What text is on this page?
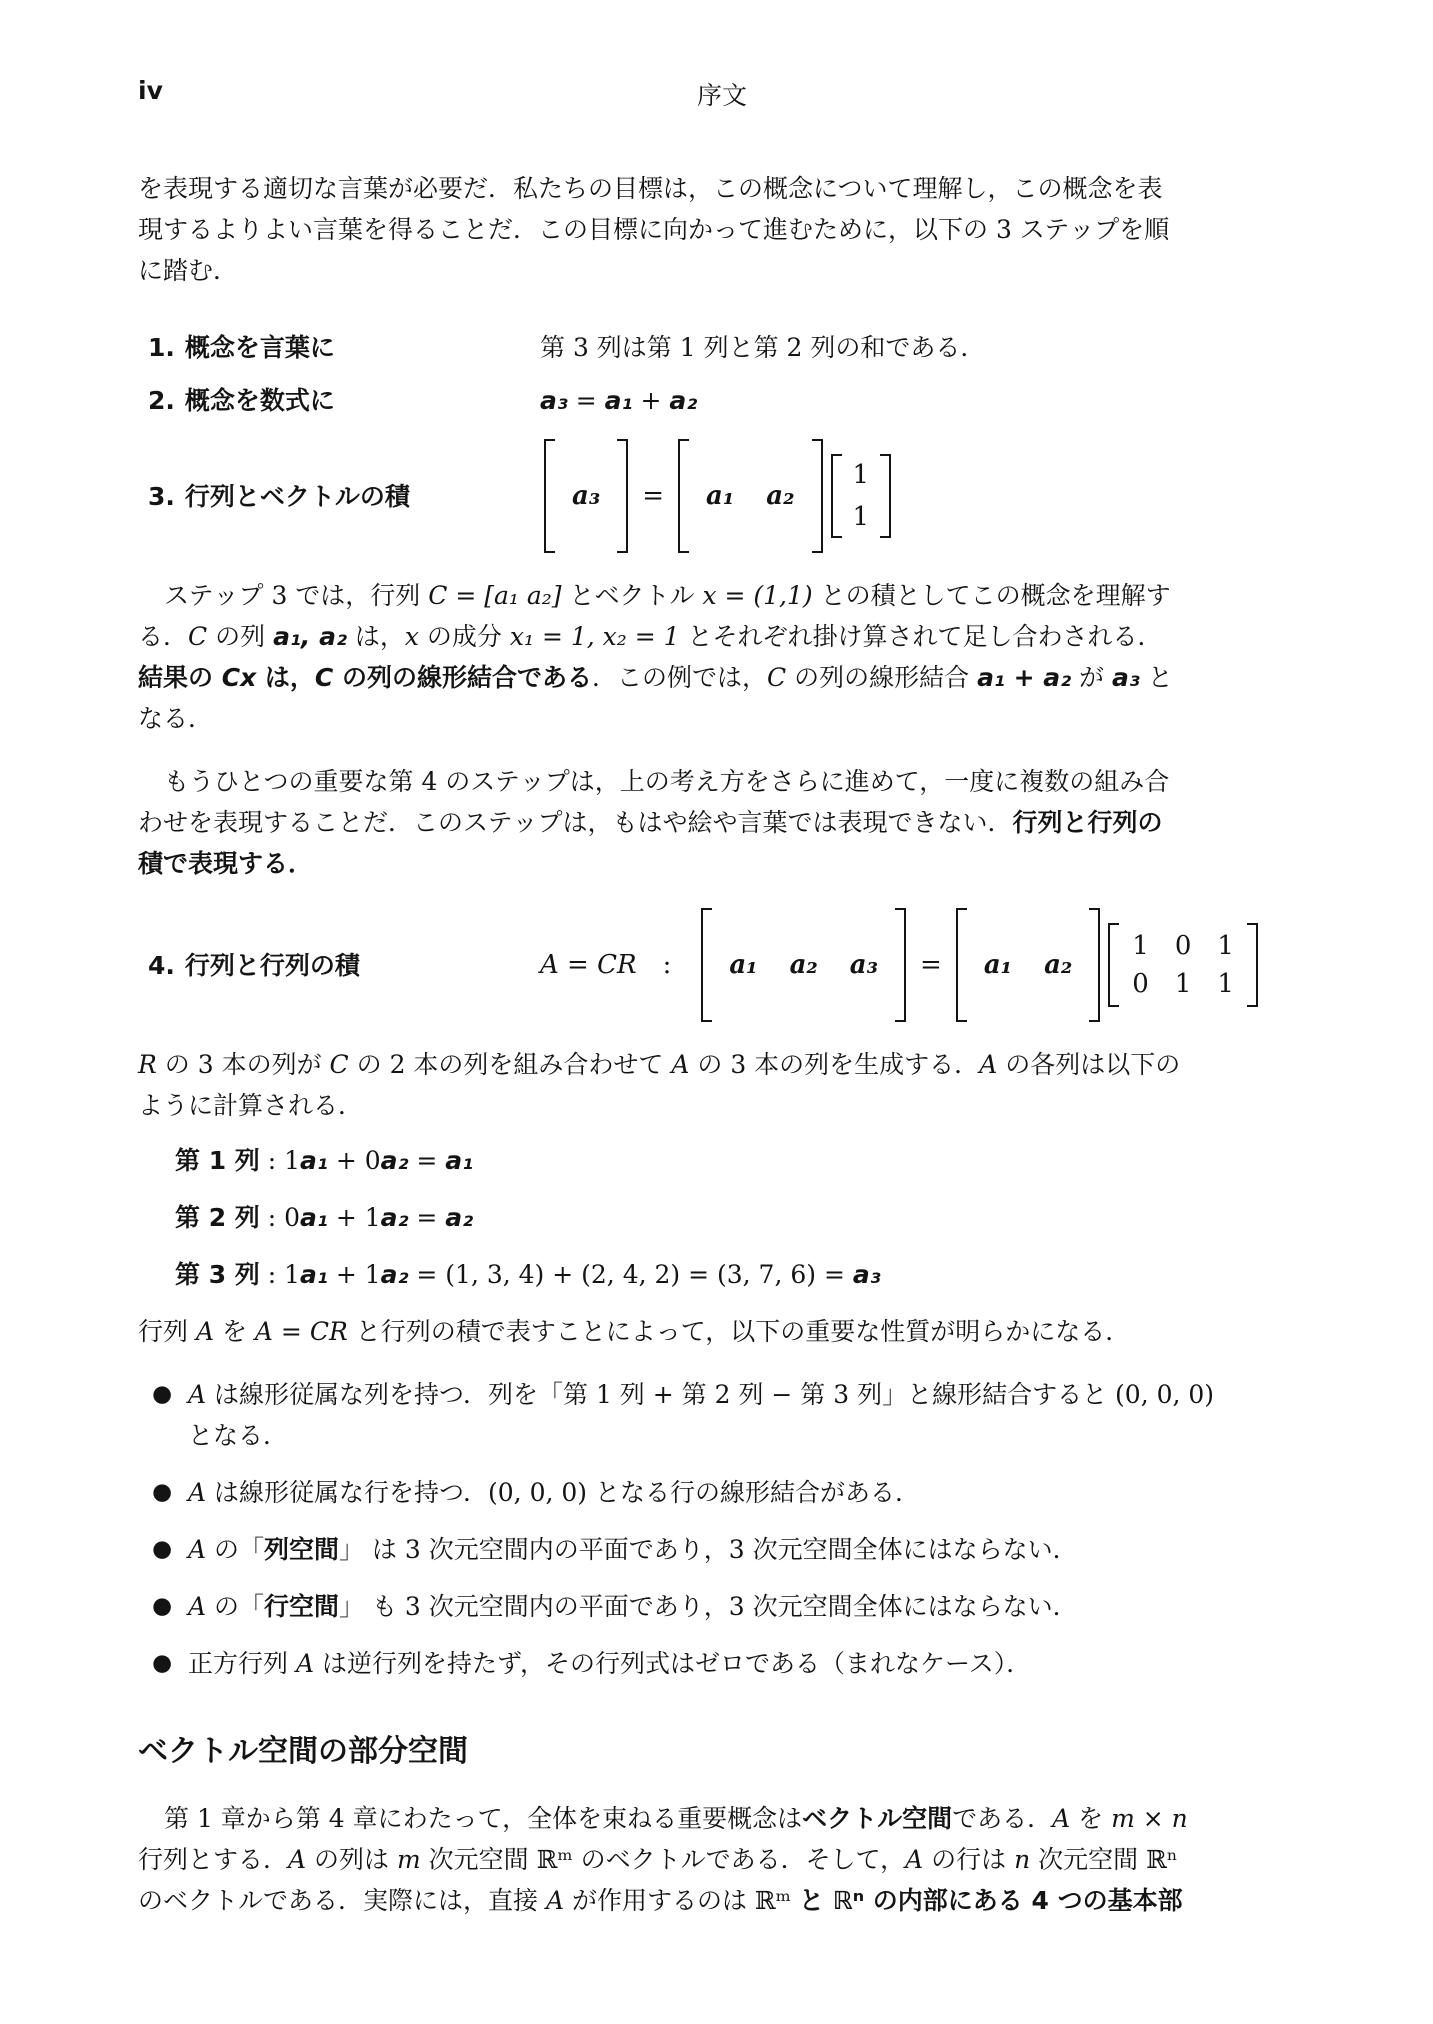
iv	序文
を表現する適切な言葉が必要だ．私たちの目標は，この概念について理解し，この概念を表
現するよりよい言葉を得ることだ．この目標に向かって進むために，以下の 3 ステップを順
に踏む．
1. 概念を言葉に	第 3 列は第 1 列と第 2 列の和である．
2. 概念を数式に	a₃ = a₁ + a₂
3. 行列とベクトルの積	a₃ = a₁ a₂
1
1
ステップ 3 では，行列 C = [a₁ a₂] とベクトル x = (1,1) との積としてこの概念を理解す
る．C の列 a₁, a₂ は，x の成分 x₁ = 1, x₂ = 1 とそれぞれ掛け算されて足し合わされる．
結果の Cx は，C の列の線形結合である．この例では，C の列の線形結合 a₁ + a₂ が a₃ と
なる．
もうひとつの重要な第 4 のステップは，上の考え方をさらに進めて，一度に複数の組み合
わせを表現することだ．このステップは，もはや絵や言葉では表現できない．行列と行列の
積で表現する．
4. 行列と行列の積	A = CR : a₁ a₂ a₃ = a₁ a₂
1 0 1
0 1 1
R の 3 本の列が C の 2 本の列を組み合わせて A の 3 本の列を生成する．A の各列は以下の
ように計算される．
第 1 列 : 1a₁ + 0a₂ = a₁
第 2 列 : 0a₁ + 1a₂ = a₂
第 3 列 : 1a₁ + 1a₂ = (1, 3, 4) + (2, 4, 2) = (3, 7, 6) = a₃
行列 A を A = CR と行列の積で表すことによって，以下の重要な性質が明らかになる．
● A は線形従属な列を持つ．列を「第 1 列 + 第 2 列 − 第 3 列」と線形結合すると (0, 0, 0)
となる．
● A は線形従属な行を持つ．(0, 0, 0) となる行の線形結合がある．
● A の「列空間」 は 3 次元空間内の平面であり，3 次元空間全体にはならない．
● A の「行空間」 も 3 次元空間内の平面であり，3 次元空間全体にはならない．
● 正方行列 A は逆行列を持たず，その行列式はゼロである（まれなケース）．
ベクトル空間の部分空間
第 1 章から第 4 章にわたって，全体を束ねる重要概念はベクトル空間である．A を m × n
行列とする．A の列は m 次元空間 ℝᵐ のベクトルである．そして，A の行は n 次元空間 ℝⁿ
のベクトルである．実際には，直接 A が作用するのは ℝᵐ と ℝⁿ の内部にある 4 つの基本部
